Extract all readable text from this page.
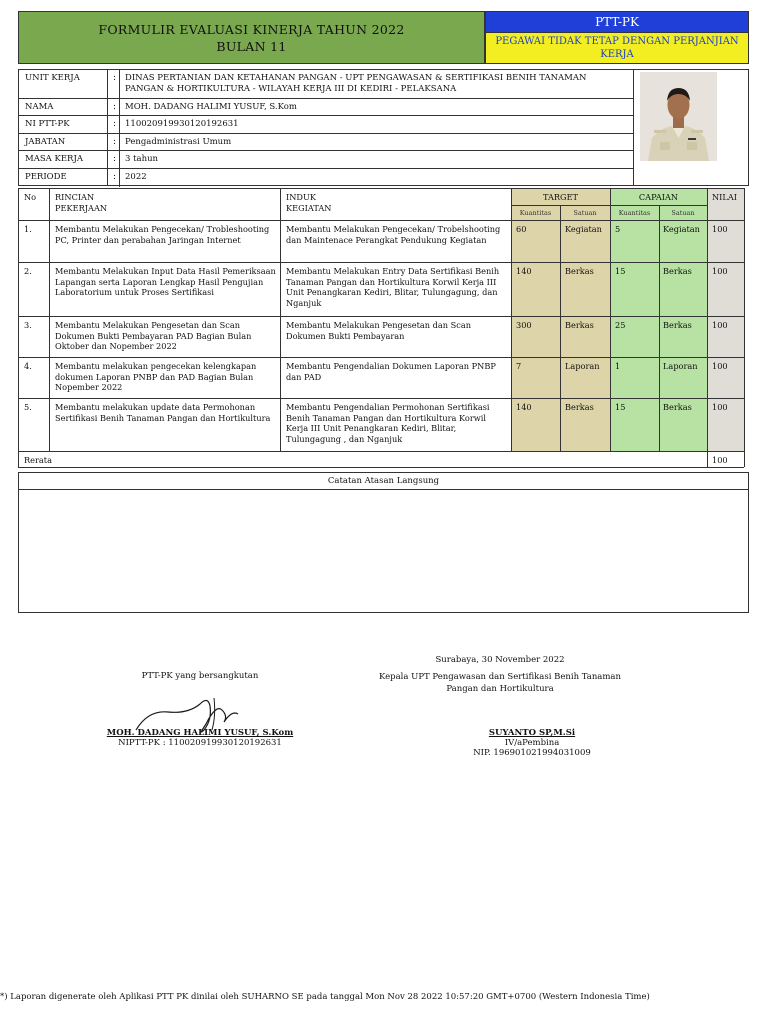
FORMULIR EVALUASI KINERJA TAHUN 2022
BULAN 11
PTT-PK
PEGAWAI TIDAK TETAP DENGAN PERJANJIAN KERJA
UNIT KERJA	: DINAS PERTANIAN DAN KETAHANAN PANGAN - UPT PENGAWASAN & SERTIFIKASI BENIH TANAMAN PANGAN & HORTIKULTURA - WILAYAH KERJA III DI KEDIRI - PELAKSANA
NAMA	: MOH. DADANG HALIMI YUSUF, S.Kom
NI PTT-PK	: 110020919930120192631
JABATAN	: Pengadministrasi Umum
MASA KERJA	: 3 tahun
PERIODE	: 2022
No RINCIAN PEKERJAAN
INDUK KEGIATAN
TARGET	CAPAIAN	NILAI
Kuantitas	Satuan	Kuantitas	Satuan
1.	Membantu Melakukan Pengecekan/ Trobleshooting PC, Printer dan perabahan Jaringan Internet
Membantu Melakukan Pengecekan/ Trobelshooting dan Maintenace Perangkat Pendukung Kegiatan
60	Kegiatan	5	Kegiatan	100
2.	Membantu Melakukan Input Data Hasil Pemeriksaan Lapangan serta Laporan Lengkap Hasil Pengujian Laboratorium untuk Proses Sertifikasi
Membantu Melakukan Entry Data Sertifikasi Benih Tanaman Pangan dan Hortikultura Korwil Kerja III Unit Penangkaran Kediri, Blitar, Tulungagung, dan Nganjuk
140	Berkas	15	Berkas 100
3.	Membantu Melakukan Pengesetan dan Scan Dokumen Bukti Pembayaran PAD Bagian Bulan Oktober dan Nopember 2022
Membantu Melakukan Pengesetan dan Scan Dokumen Bukti Pembayaran
300	Berkas	25	Berkas 100
4.	Membantu melakukan pengecekan kelengkapan dokumen Laporan PNBP dan PAD Bagian Bulan Nopember 2022
Membantu Pengendalian Dokumen Laporan PNBP dan PAD
7	Laporan	1	Laporan	100
5.	Membantu melakukan update data Permohonan Sertifikasi Benih Tanaman Pangan dan Hortikultura
Membantu Pengendalian Permohonan Sertifikasi Benih Tanaman Pangan dan Hortikultura Korwil Kerja III Unit Penangkaran Kediri, Blitar, Tulungagung , dan Nganjuk
140	Berkas	15	Berkas 100
Rerata	100
Catatan Atasan Langsung
Surabaya, 30 November 2022
PTT-PK yang bersangkutan	Kepala UPT Pengawasan dan Sertifikasi Benih Tanaman
Pangan dan Hortikultura
MOH. DADANG HALIMI YUSUF, S.Kom
NIPTT-PK : 110020919930120192631
SUYANTO SP,M.Si
IV/aPembina
NIP. 196901021994031009
*) Laporan digenerate oleh Aplikasi PTT PK dinilai oleh SUHARNO SE pada tanggal Mon Nov 28 2022 10:57:20 GMT+0700 (Western Indonesia Time)
